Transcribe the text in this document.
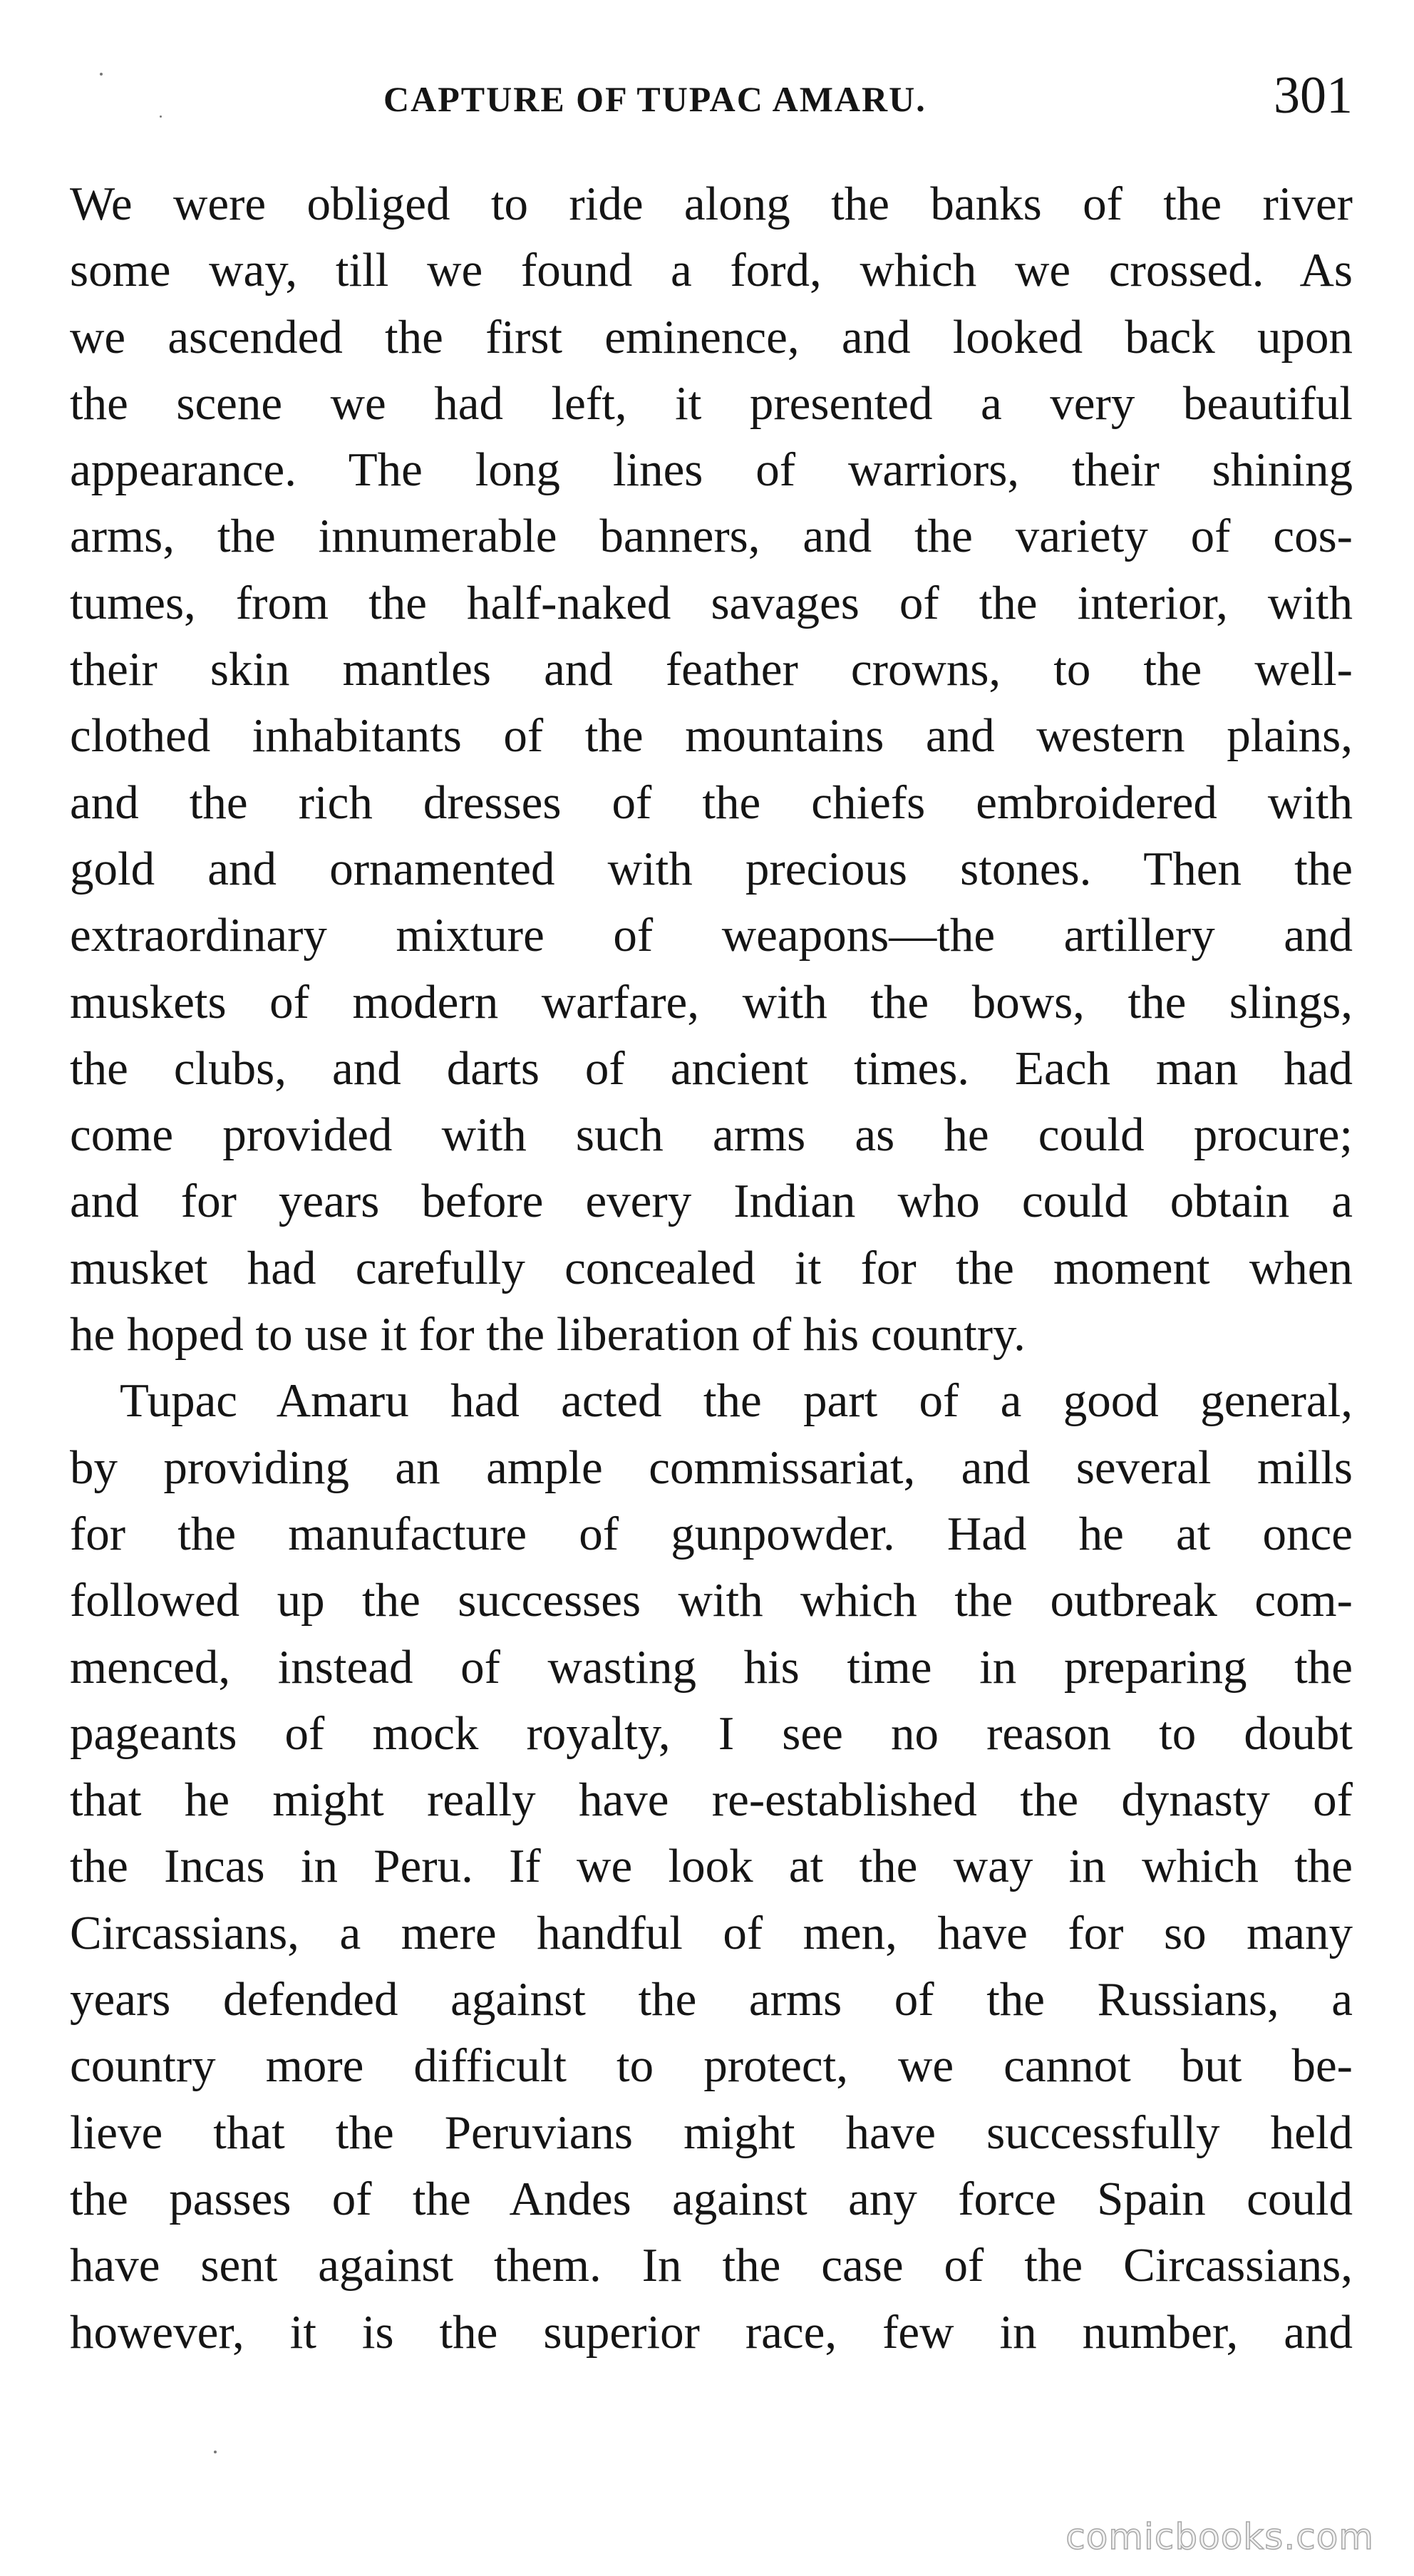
CAPTURE OF TUPAC AMARU.	301
We were obliged to ride along the banks of the river
some way, till we found a ford, which we crossed. As
we ascended the first eminence, and looked back upon
the scene we had left, it presented a very beautiful
appearance. The long lines of warriors, their shining
arms, the innumerable banners, and the variety of cos-
tumes, from the half-naked savages of the interior, with
their skin mantles and feather crowns, to the well-
clothed inhabitants of the mountains and western plains,
and the rich dresses of the chiefs embroidered with
gold and ornamented with precious stones. Then the
extraordinary mixture of weapons—the artillery and
muskets of modern warfare, with the bows, the slings,
the clubs, and darts of ancient times. Each man had
come provided with such arms as he could procure;
and for years before every Indian who could obtain a
musket had carefully concealed it for the moment when
he hoped to use it for the liberation of his country.
Tupac Amaru had acted the part of a good general,
by providing an ample commissariat, and several mills
for the manufacture of gunpowder. Had he at once
followed up the successes with which the outbreak com-
menced, instead of wasting his time in preparing the
pageants of mock royalty, I see no reason to doubt
that he might really have re-established the dynasty of
the Incas in Peru. If we look at the way in which the
Circassians, a mere handful of men, have for so many
years defended against the arms of the Russians, a
country more difficult to protect, we cannot but be-
lieve that the Peruvians might have successfully held
the passes of the Andes against any force Spain could
have sent against them. In the case of the Circassians,
however, it is the superior race, few in number, and
comicbooks.com
